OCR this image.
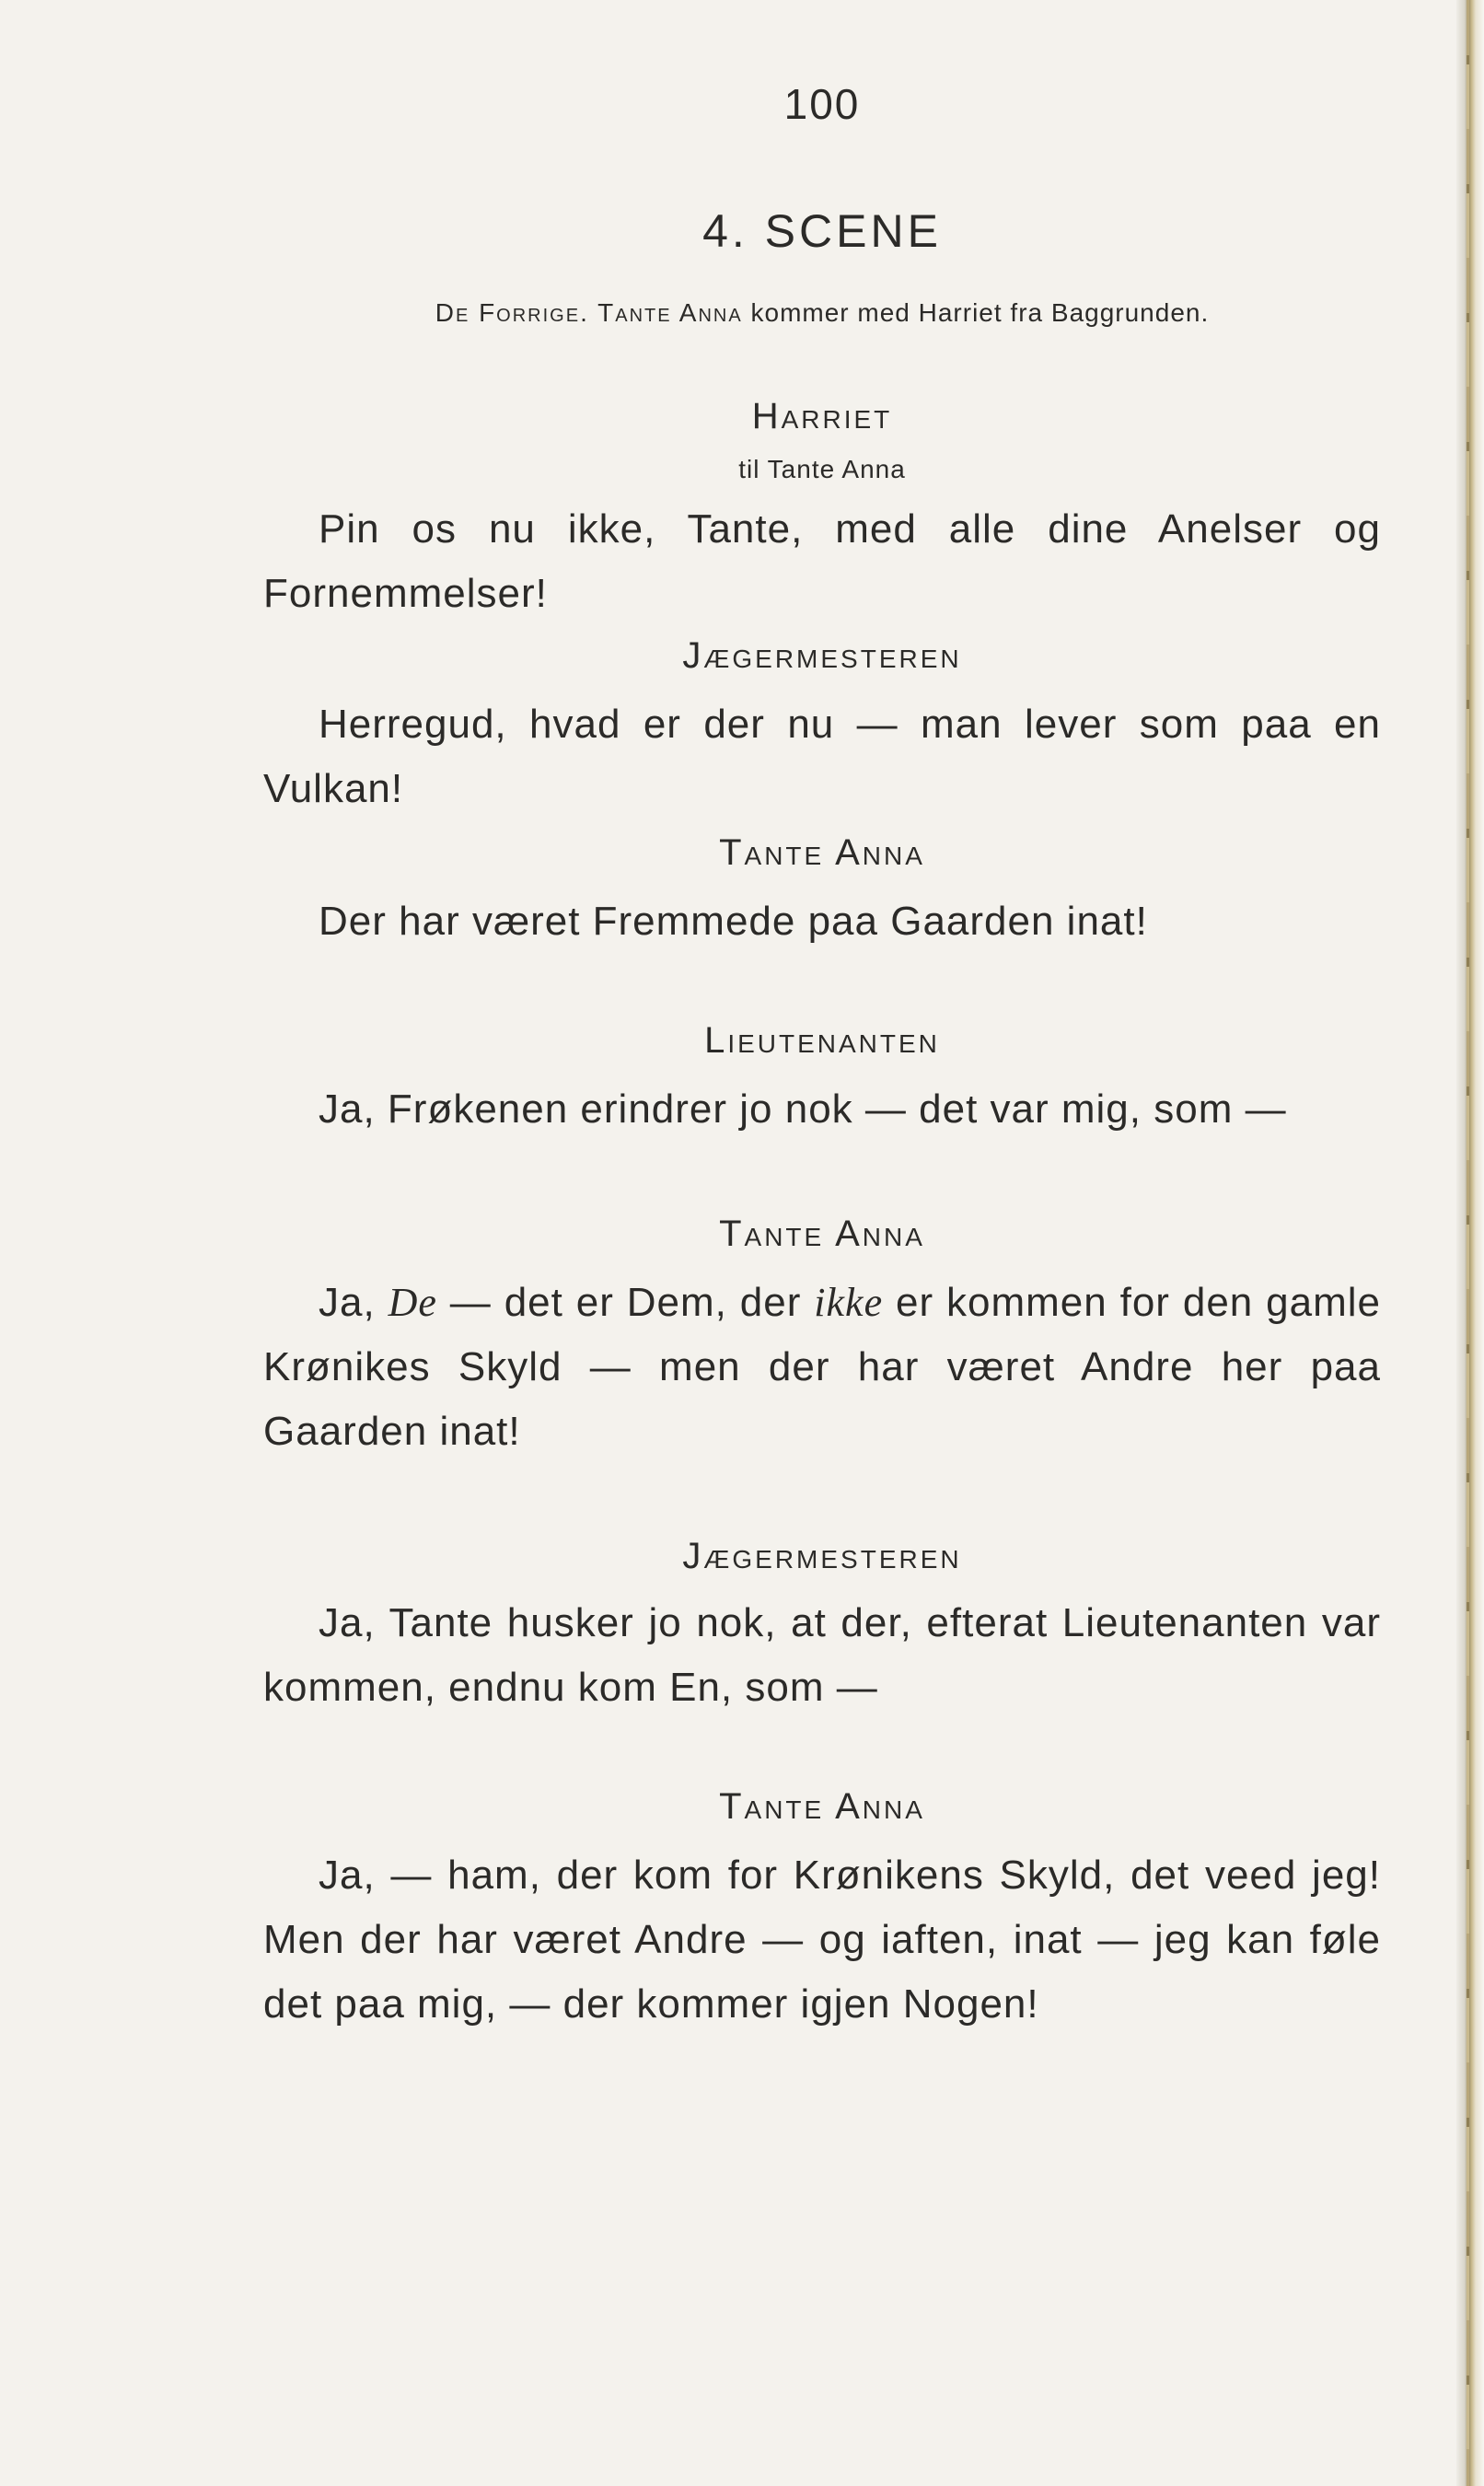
100
4. SCENE
De Forrige. Tante Anna kommer med Harriet fra Baggrunden.
Harriet
til Tante Anna
Pin os nu ikke, Tante, med alle dine Anelser og Fornemmelser!
Jægermesteren
Herregud, hvad er der nu — man lever som paa en Vulkan!
Tante Anna
Der har været Fremmede paa Gaarden inat!
Lieutenanten
Ja, Frøkenen erindrer jo nok — det var mig, som —
Tante Anna
Ja, De — det er Dem, der ikke er kommen for den gamle Krønikes Skyld — men der har været Andre her paa Gaarden inat!
Jægermesteren
Ja, Tante husker jo nok, at der, efterat Lieutenanten var kommen, endnu kom En, som —
Tante Anna
Ja, — ham, der kom for Krønikens Skyld, det veed jeg! Men der har været Andre — og iaften, inat — jeg kan føle det paa mig, — der kommer igjen Nogen!
